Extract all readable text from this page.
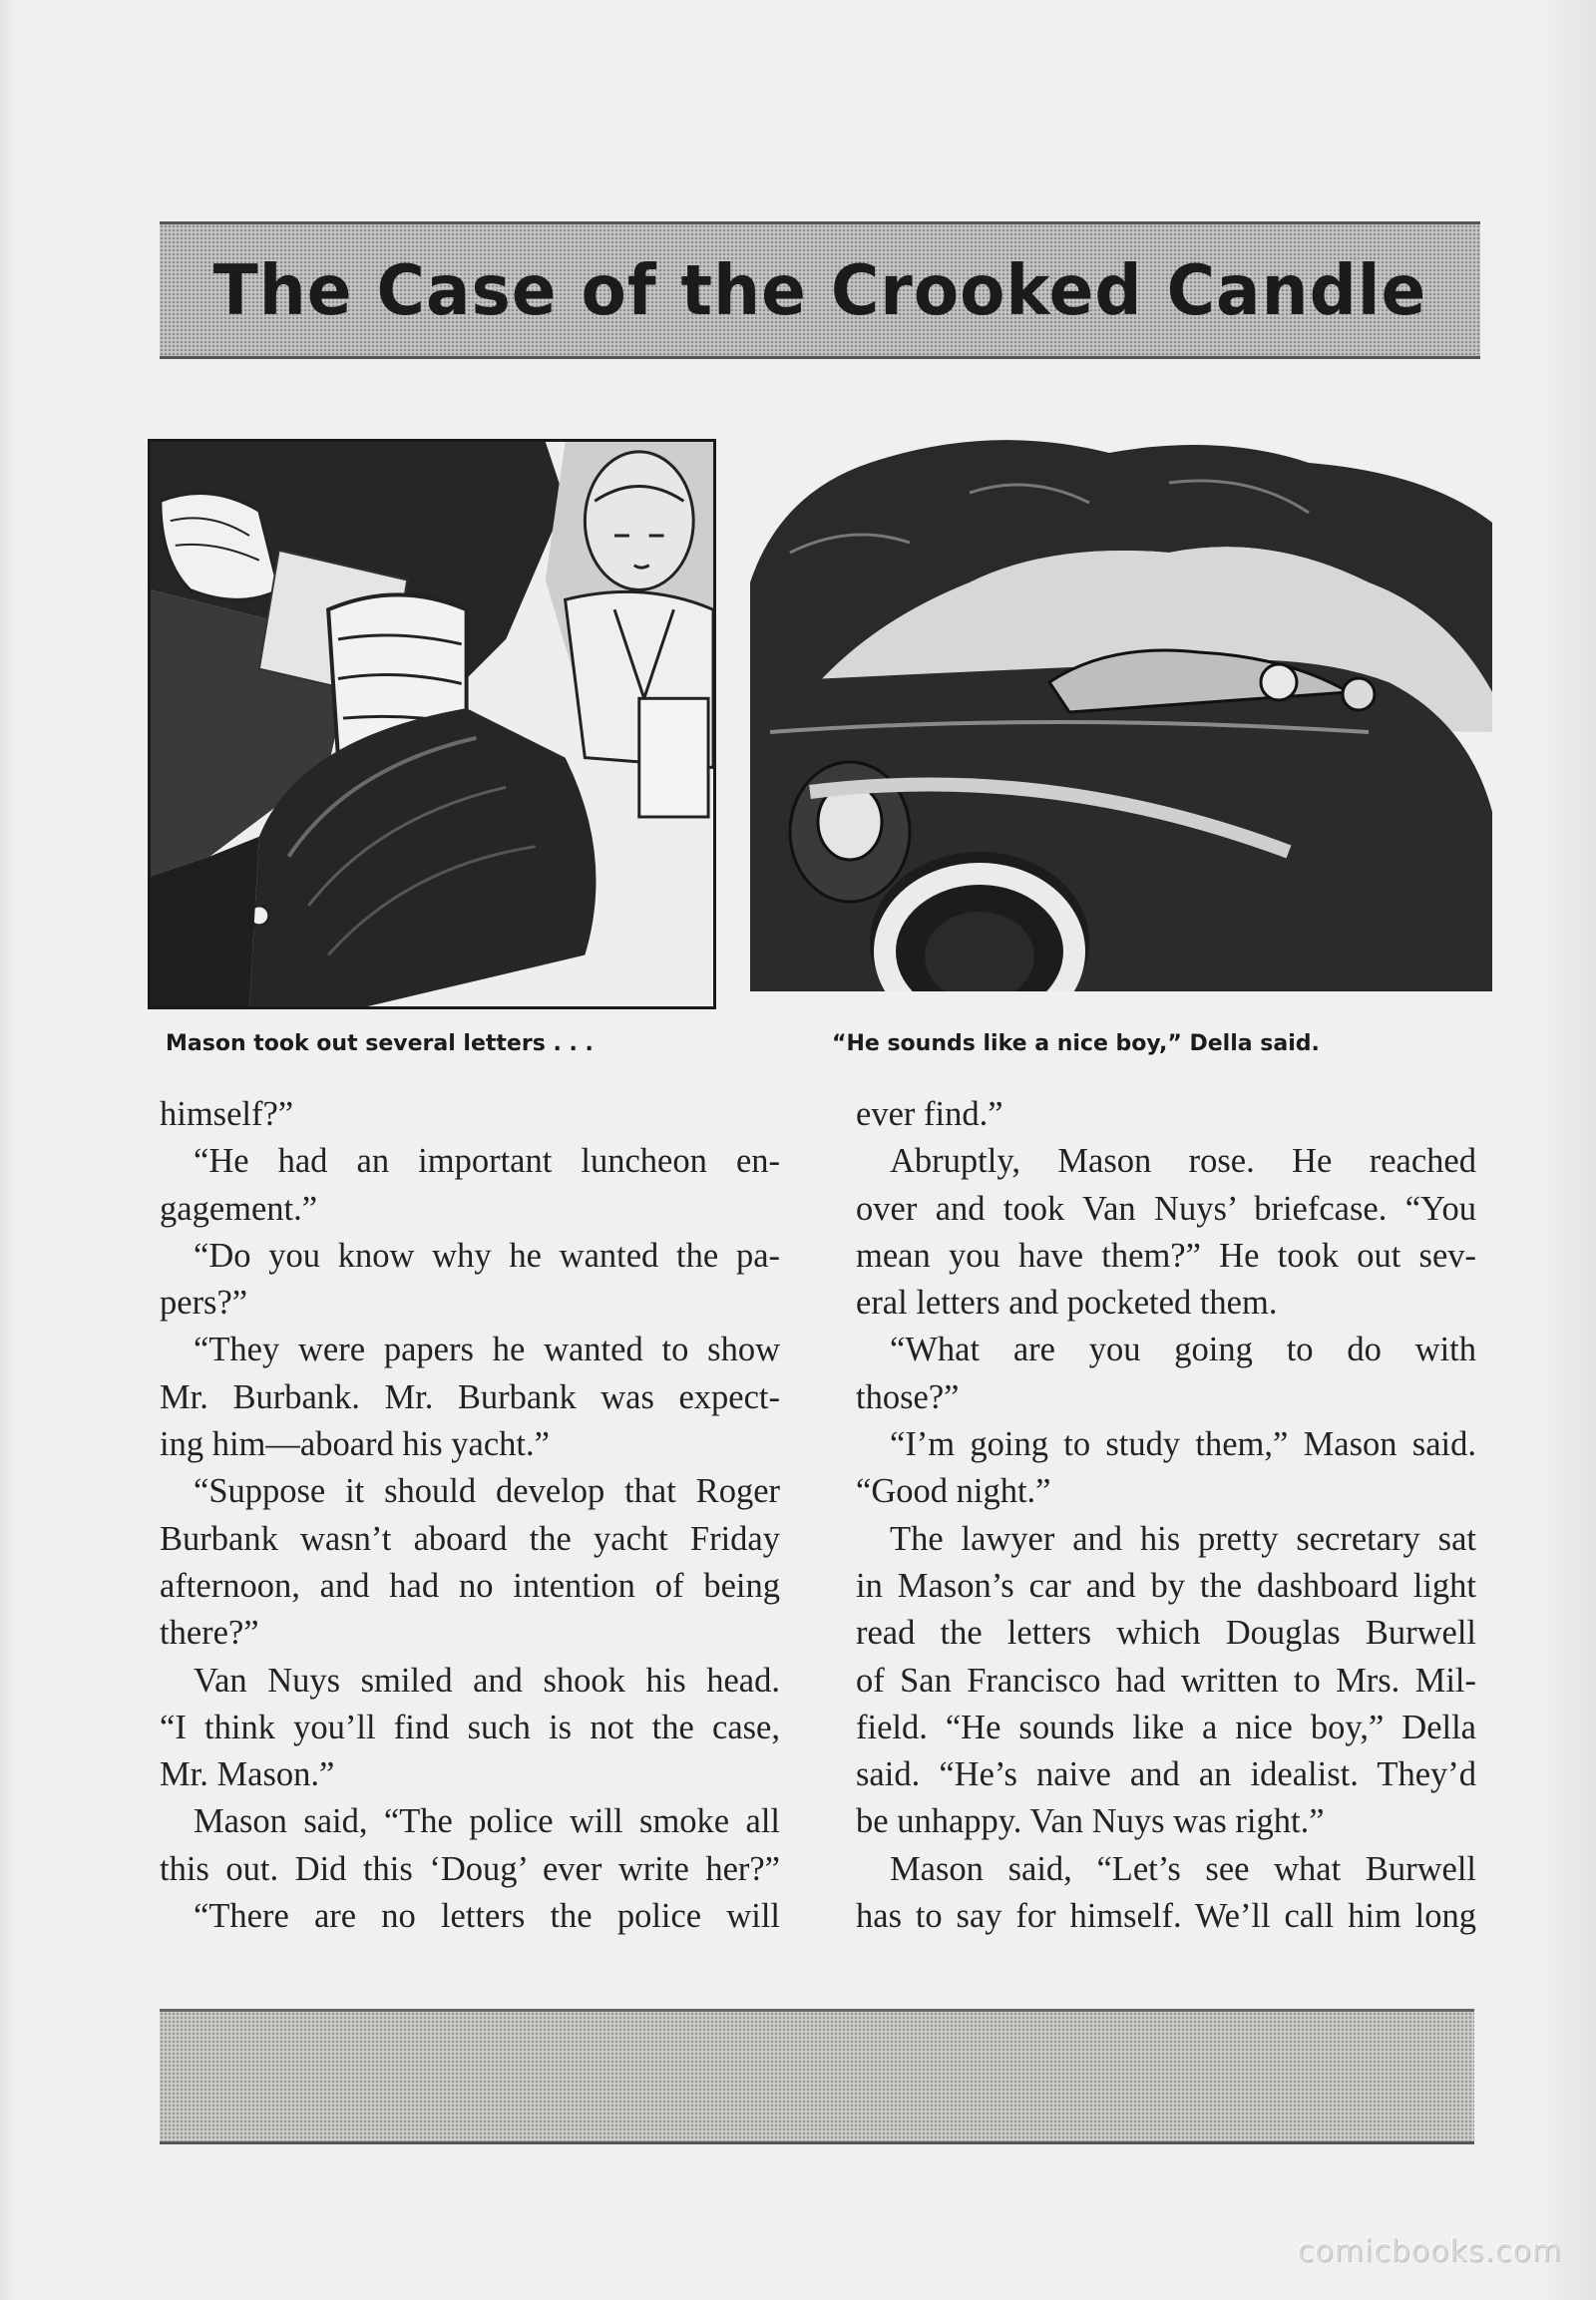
The Case of the Crooked Candle
Mason took out several letters . . .	“He sounds like a nice boy,” Della said.
himself?”
“He had an important luncheon en-
gagement.”
“Do you know why he wanted the pa-
pers?”
“They were papers he wanted to show
Mr. Burbank. Mr. Burbank was expect-
ing him—aboard his yacht.”
“Suppose it should develop that Roger
Burbank wasn’t aboard the yacht Friday
afternoon, and had no intention of being
there?”
Van Nuys smiled and shook his head.
“I think you’ll find such is not the case,
Mr. Mason.”
Mason said, “The police will smoke all
this out. Did this ‘Doug’ ever write her?”
“There are no letters the police will
ever find.”
Abruptly, Mason rose. He reached
over and took Van Nuys’ briefcase. “You
mean you have them?” He took out sev-
eral letters and pocketed them.
“What are you going to do with
those?”
“I’m going to study them,” Mason said.
“Good night.”
The lawyer and his pretty secretary sat
in Mason’s car and by the dashboard light
read the letters which Douglas Burwell
of San Francisco had written to Mrs. Mil-
field. “He sounds like a nice boy,” Della
said. “He’s naive and an idealist. They’d
be unhappy. Van Nuys was right.”
Mason said, “Let’s see what Burwell
has to say for himself. We’ll call him long
comicbooks.com
